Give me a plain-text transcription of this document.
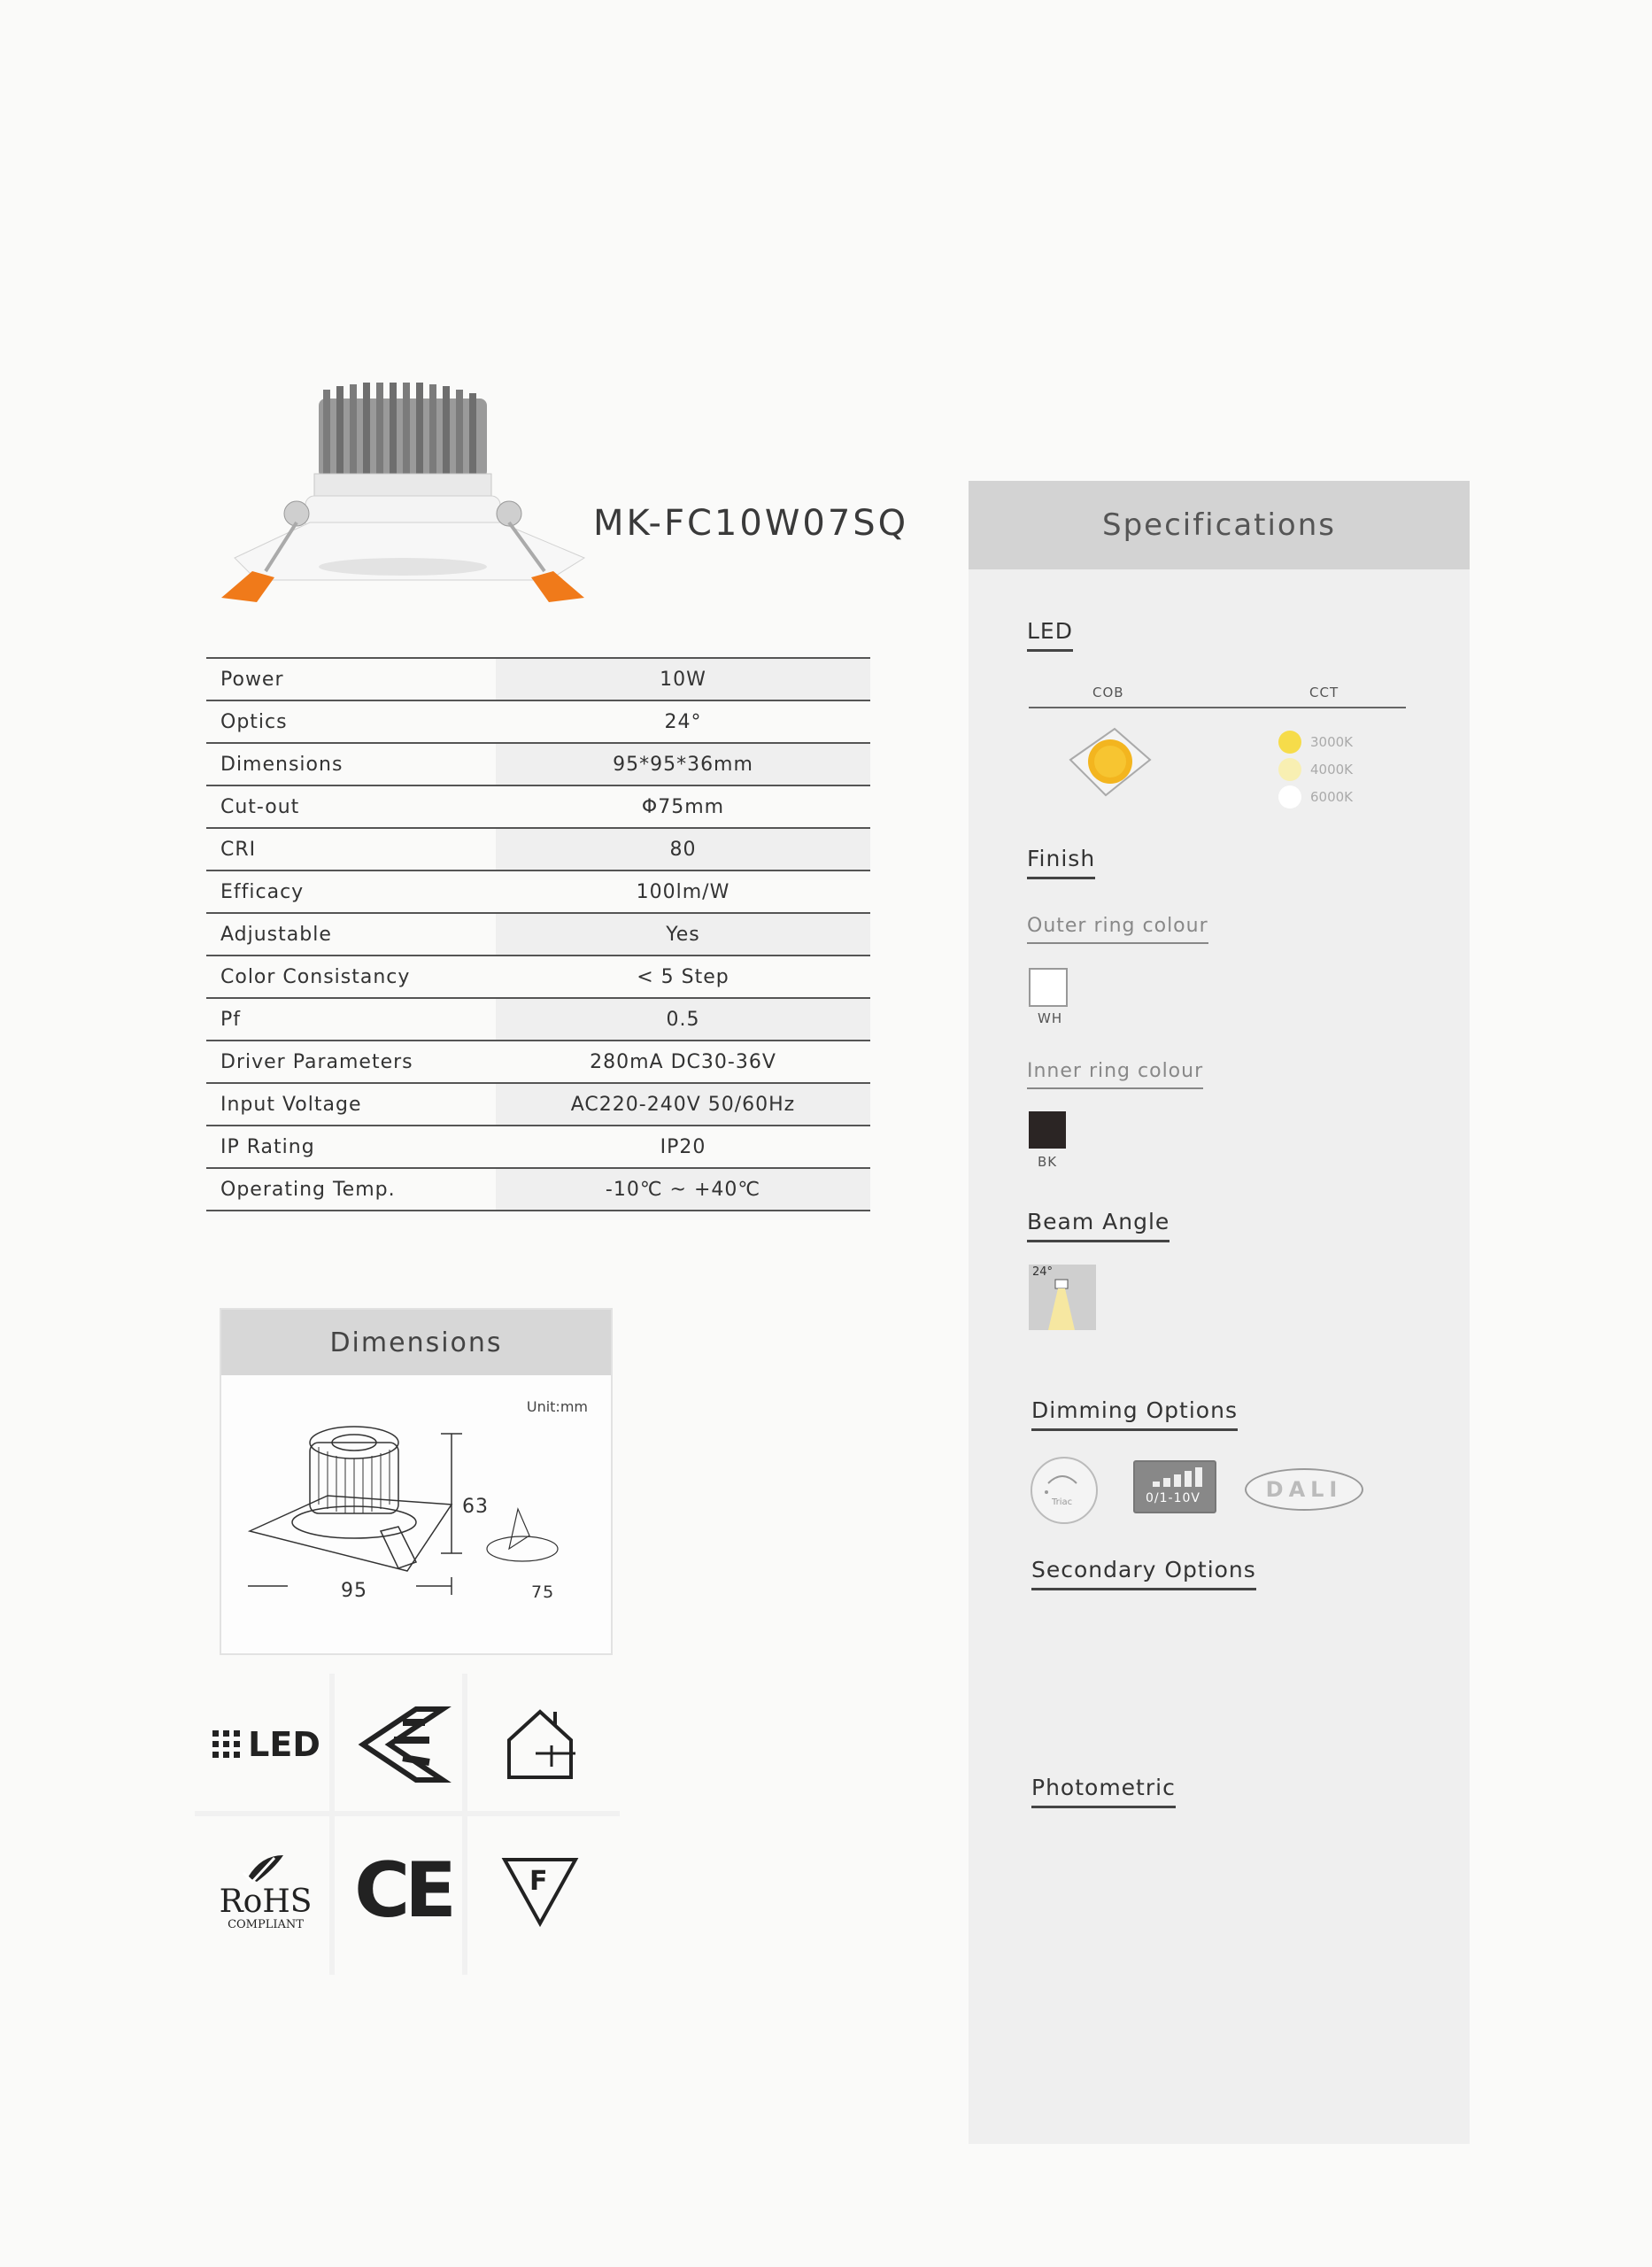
MK-FC10W07SQ
Power	10W
Optics	24°
Dimensions	95*95*36mm
Cut-out	Φ75mm
CRI	80
Efficacy	100lm/W
Adjustable	Yes
Color Consistancy	< 5 Step
Pf	0.5
Driver Parameters	280mA DC30-36V
Input Voltage	AC220-240V 50/60Hz
IP Rating	IP20
Operating Temp.	-10℃ ~ +40℃
Dimensions
Unit:mm
63
95	75
LED
RoHS
COMPLIANT CE	F
Specifications
LED
COB	CCT
3000K
4000K
6000K
Finish
Outer ring colour
WH
Inner ring colour
BK
Beam Angle
24°
Dimming Options
Triac	0/1-10V	DALI
Secondary Options
Photometric
